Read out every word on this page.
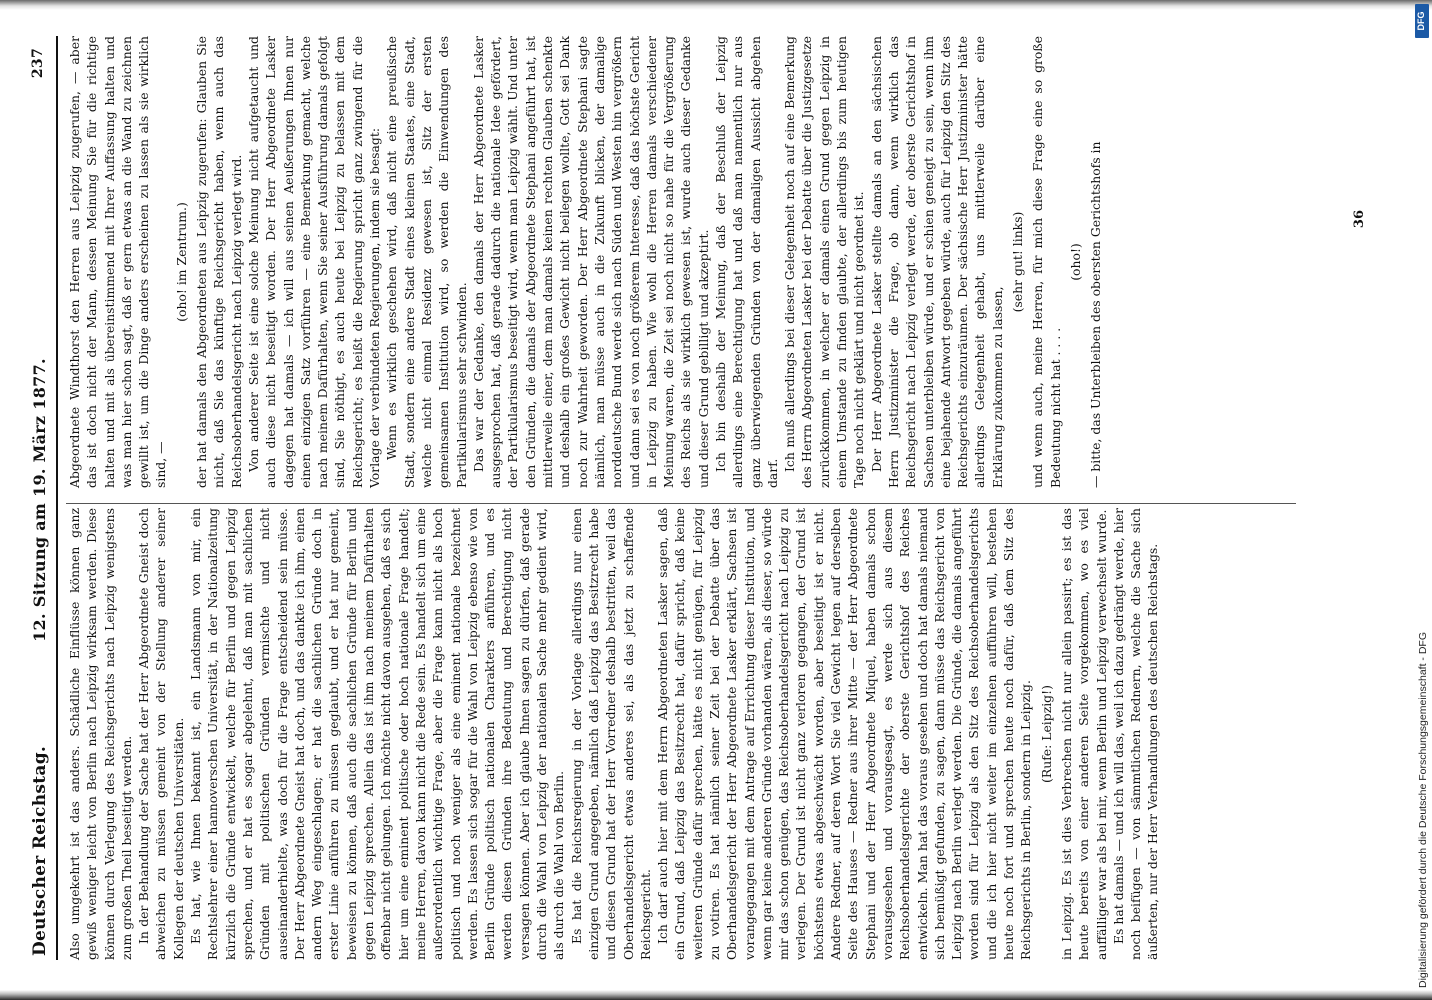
Deutscher Reichstag.
12. Sitzung am 19. März 1877.
237

Also umgekehrt ist das anders. Schädliche Einflüsse können ganz gewiß weniger leicht von Berlin nach Leipzig wirksam werden. Diese können durch Verlegung des Reichsgerichts nach Leipzig wenigstens zum großen Theil beseitigt werden. In der Behandlung der Sache hat der Herr Abgeordnete Gneist doch abweichen zu müssen gemeint von der Stellung anderer seiner Kollegen der deutschen Universitäten. Es hat, wie Ihnen bekannt ist, ein Landsmann von mir, ein Rechtslehrer einer hannoverschen Universität, in der Nationalzeitung kürzlich die Gründe entwickelt, welche für Berlin und gegen Leipzig sprechen, und er hat es sogar abgelehnt, daß man mit sachlichen Gründen mit politischen Gründen vermischte und nicht auseinanderhielte, was doch für die Frage entscheidend sein müsse. Der Herr Abgeordnete Gneist hat doch, und das dankte ich ihm, einen andern Weg eingeschlagen; er hat die sachlichen Gründe doch in erster Linie anführen zu müssen geglaubt, und er hat nur gemeint, beweisen zu können, daß auch die sachlichen Gründe für Berlin und gegen Leipzig sprechen. Allein das ist ihm nach meinem Dafürhalten offenbar nicht gelungen. Ich möchte nicht davon ausgehen, daß es sich hier um eine eminent politische oder hoch nationale Frage handelt; meine Herren, davon kann nicht die Rede sein. Es handelt sich um eine außerordentlich wichtige Frage, aber die Frage kann nicht als hoch politisch und noch weniger als eine eminent nationale bezeichnet werden. Es lassen sich sogar für die Wahl von Leipzig ebenso wie von Berlin Gründe politisch nationalen Charakters anführen, und es werden diesen Gründen ihre Bedeutung und Berechtigung nicht versagen können. Aber ich glaube Ihnen sagen zu dürfen, daß gerade durch die Wahl von Leipzig der nationalen Sache mehr gedient wird, als durch die Wahl von Berlin. Es hat die Reichsregierung in der Vorlage allerdings nur einen einzigen Grund angegeben, nämlich daß Leipzig das Besitzrecht habe und diesen Grund hat der Herr Vorredner deshalb bestritten, weil das Oberhandelsgericht etwas anderes sei, als das jetzt zu schaffende Reichsgericht. Ich darf auch hier mit dem Herrn Abgeordneten Lasker sagen, daß ein Grund, daß Leipzig das Besitzrecht hat, dafür spricht, daß keine weiteren Gründe dafür sprechen, hätte es nicht genügen, für Leipzig zu votiren. Es hat nämlich seiner Zeit bei der Debatte über das Oberhandelsgericht der Herr Abgeordnete Lasker erklärt, Sachsen ist vorangegangen mit dem Antrage auf Errichtung dieser Institution, und wenn gar keine anderen Gründe vorhanden wären, als dieser, so würde mir das schon genügen, das Reichsoberhandelsgericht nach Leipzig zu verlegen. Der Grund ist nicht ganz verloren gegangen, der Grund ist höchstens etwas abgeschwächt worden, aber beseitigt ist er nicht. Andere Redner, auf deren Wort Sie viel Gewicht legen auf derselben Seite des Hauses — Redner aus ihrer Mitte — der Herr Abgeordnete Stephani und der Herr Abgeordnete Miquel, haben damals schon vorausgesehen und vorausgesagt, es werde sich aus diesem Reichsoberhandelsgerichte der oberste Gerichtshof des Reiches entwickeln. Man hat das voraus gesehen und doch hat damals niemand sich bemüßigt gefunden, zu sagen, dann müsse das Reichsgericht von Leipzig nach Berlin verlegt werden. Die Gründe, die damals angeführt worden sind für Leipzig als den Sitz des Reichsoberhandelsgerichts und die ich hier nicht weiter im einzelnen aufführen will, bestehen heute noch fort und sprechen heute noch dafür, daß dem Sitz des Reichsgerichts in Berlin, sondern in Leipzig. (Rufe: Leipzig!) in Leipzig. Es ist dies Verbrechen nicht nur allein passirt; es ist das heute bereits von einer anderen Seite vorgekommen, wo es viel auffälliger war als bei mir, wenn Berlin und Leipzig verwechselt wurde. Es hat damals — und ich will das, weil ich dazu gedrängt werde, hier noch beifügen — von sämmtlichen Rednern, welche die Sache sich äußerten, nur der Herr Verhandlungen des deutschen Reichstags.

Abgeordnete Windthorst den Herren aus Leipzig zugerufen, — aber das ist doch nicht der Mann, dessen Meinung Sie für die richtige halten und mit als übereinstimmend mit Ihrer Auffassung halten und was man hier schon sagt, daß er gern etwas an die Wand zu zeichnen gewillt ist, um die Dinge anders erscheinen zu lassen als sie wirklich sind, —

(oho! im Zentrum.) der hat damals den Abgeordneten aus Leipzig zugerufen: Glauben Sie nicht, daß Sie das künftige Reichsgericht haben, wenn auch das Reichsoberhandelsgericht nach Leipzig verlegt wird. Von anderer Seite ist eine solche Meinung nicht aufgetaucht und auch diese nicht beseitigt worden. Der Herr Abgeordnete Lasker dagegen hat damals — ich will aus seinen Aeußerungen Ihnen nur einen einzigen Satz vorführen — eine Bemerkung gemacht, welche nach meinem Dafürhalten, wenn Sie seiner Ausführung damals gefolgt sind, Sie nöthigt, es auch heute bei Leipzig zu belassen mit dem Reichsgericht; es heißt die Regierung spricht ganz zwingend für die Vorlage der verbündeten Regierungen, indem sie besagt: Wenn es wirklich geschehen wird, daß nicht eine preußische Stadt, sondern eine andere Stadt eines kleinen Staates, eine Stadt, welche nicht einmal Residenz gewesen ist, Sitz der ersten gemeinsamen Institution wird, so werden die Einwendungen des Partikularismus sehr schwinden. Das war der Gedanke, den damals der Herr Abgeordnete Lasker ausgesprochen hat, daß gerade dadurch die nationale Idee gefördert, der Partikularismus beseitigt wird, wenn man Leipzig wählt. Und unter den Gründen, die damals der Abgeordnete Stephani angeführt hat, ist mittlerweile einer, dem man damals keinen rechten Glauben schenkte und deshalb ein großes Gewicht nicht beilegen wollte, Gott sei Dank noch zur Wahrheit geworden. Der Herr Abgeordnete Stephani sagte nämlich, man müsse auch in die Zukunft blicken, der damalige norddeutsche Bund werde sich nach Süden und Westen hin vergrößern und dann sei es von noch größerem Interesse, daß das höchste Gericht in Leipzig zu haben. Wie wohl die Herren damals verschiedener Meinung waren, die Zeit sei noch nicht so nahe für die Vergrößerung des Reichs als sie wirklich gewesen ist, wurde auch dieser Gedanke und dieser Grund gebilligt und akzeptirt. Ich bin deshalb der Meinung, daß der Beschluß der Leipzig allerdings eine Berechtigung hat und daß man namentlich nur aus ganz überwiegenden Gründen von der damaligen Aussicht abgehen darf.

Ich muß allerdings bei dieser Gelegenheit noch auf eine Bemerkung des Herrn Abgeordneten Lasker bei der Debatte über die Justizgesetze zurückkommen, in welcher er damals einen Grund gegen Leipzig in einem Umstande zu finden glaubte, der allerdings bis zum heutigen Tage noch nicht geklärt und nicht geordnet ist. Der Herr Abgeordnete Lasker stellte damals an den sächsischen Herrn Justizminister die Frage, ob dann, wenn wirklich das Reichsgericht nach Leipzig verlegt werde, der oberste Gerichtshof in Sachsen unterbleiben würde, und er schien geneigt zu sein, wenn ihm eine bejahende Antwort gegeben würde, auch für Leipzig den Sitz des Reichsgerichts einzuräumen. Der sächsische Herr Justizminister hätte allerdings Gelegenheit gehabt, uns mittlerweile darüber eine Erklärung zukommen zu lassen,

(sehr gut! links) und wenn auch, meine Herren, für mich diese Frage eine so große Bedeutung nicht hat . . . .

(oho!) — bitte, das Unterbleiben des obersten Gerichtshofs in	36
Digitalisierung gefördert durch die Deutsche Forschungsgemeinschaft - DFG
DFG
